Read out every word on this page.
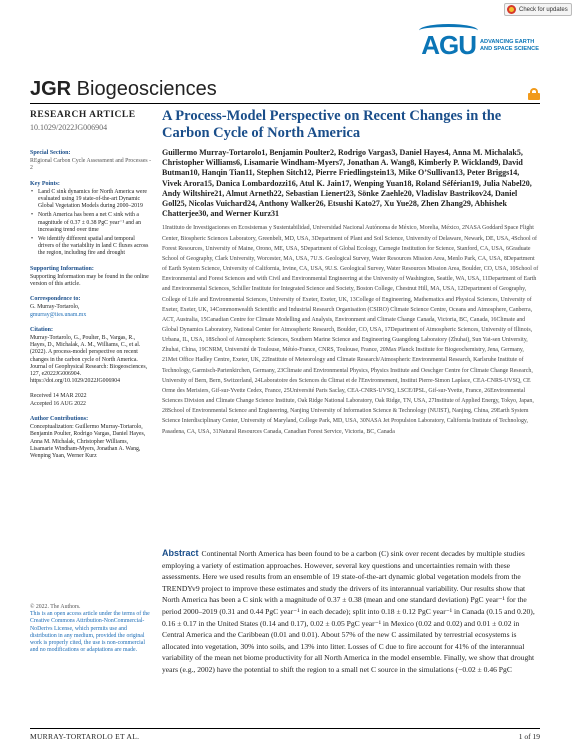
Check for updates
AGU ADVANCING EARTH AND SPACE SCIENCE
JGR Biogeosciences
RESEARCH ARTICLE
10.1029/2022JG006904
Special Section:
REgional Carbon Cycle Assessment and Processes - 2
Key Points:
• Land C sink dynamics for North America were evaluated using 19 state-of-the-art Dynamic Global Vegetation Models during 2000–2019
• North America has been a net C sink with a magnitude of 0.37 ± 0.38 PgC year⁻¹ and an increasing trend over time
• We identify different spatial and temporal drivers of the variability in land C fluxes across the region, including fire and drought
Supporting Information:
Supporting Information may be found in the online version of this article.
Correspondence to:
G. Murray-Tortarolo,
gmurray@iies.unam.mx
Citation:
Murray-Tortarolo, G., Poulter, B., Vargas, R., Hayes, D., Michalak, A. M., Williams, C., et al. (2022). A process-model perspective on recent changes in the carbon cycle of North America. Journal of Geophysical Research: Biogeosciences, 127, e2022JG006904. https://doi.org/10.1029/2022JG006904
Received 14 MAR 2022
Accepted 16 AUG 2022
Author Contributions:
Conceptualization: Guillermo Murray-Tortarolo, Benjamin Poulter, Rodrigo Vargas, Daniel Hayes, Anna M. Michalak, Christopher Williams, Lisamarie Windham-Myers, Jonathan A. Wang, Wenping Yuan, Werner Kurz
© 2022. The Authors.
This is an open access article under the terms of the Creative Commons Attribution-NonCommercial-NoDerivs License, which permits use and distribution in any medium, provided the original work is properly cited, the use is non-commercial and no modifications or adaptations are made.
A Process-Model Perspective on Recent Changes in the Carbon Cycle of North America
Guillermo Murray-Tortarolo1, Benjamin Poulter2, Rodrigo Vargas3, Daniel Hayes4, Anna M. Michalak5, Christopher Williams6, Lisamarie Windham-Myers7, Jonathan A. Wang8, Kimberly P. Wickland9, David Butman10, Hanqin Tian11, Stephen Sitch12, Pierre Friedlingstein13, Mike O’Sullivan13, Peter Briggs14, Vivek Arora15, Danica Lombardozzi16, Atul K. Jain17, Wenping Yuan18, Roland Séférian19, Julia Nabel20, Andy Wiltshire21, Almut Arneth22, Sebastian Lienert23, Sönke Zaehle20, Vladislav Bastrikov24, Daniel Goll25, Nicolas Vuichard24, Anthony Walker26, Etsushi Kato27, Xu Yue28, Zhen Zhang29, Abhishek Chatterjee30, and Werner Kurz31
1Instituto de Investigaciones en Ecosistemas y Sustentabilidad, Universidad Nacional Autónoma de México, Morelia, México, 2NASA Goddard Space Flight Center, Biospheric Sciences Laboratory, Greenbelt, MD, USA, 3Department of Plant and Soil Science, University of Delaware, Newark, DE, USA, 4School of Forest Resources, University of Maine, Orono, ME, USA, 5Department of Global Ecology, Carnegie Institution for Science, Stanford, CA, USA, 6Graduate School of Geography, Clark University, Worcester, MA, USA, 7U.S. Geological Survey, Water Resources Mission Area, Menlo Park, CA, USA, 8Department of Earth System Science, University of California, Irvine, CA, USA, 9U.S. Geological Survey, Water Resources Mission Area, Boulder, CO, USA, 10School of Environmental and Forest Sciences and with Civil and Environmental Engineering at the University of Washington, Seattle, WA, USA, 11Department of Earth and Environmental Sciences, Schiller Institute for Integrated Science and Society, Boston College, Chestnut Hill, MA, USA, 12Department of Geography, College of Life and Environmental Sciences, University of Exeter, Exeter, UK, 13College of Engineering, Mathematics and Physical Sciences, University of Exeter, Exeter, UK, 14Commonwealth Scientific and Industrial Research Organisation (CSIRO) Climate Science Centre, Oceans and Atmosphere, Canberra, ACT, Australia, 15Canadian Centre for Climate Modelling and Analysis, Environment and Climate Change Canada, Victoria, BC, Canada, 16Climate and Global Dynamics Laboratory, National Center for Atmospheric Research, Boulder, CO, USA, 17Department of Atmospheric Sciences, University of Illinois, Urbana, IL, USA, 18School of Atmospheric Sciences, Southern Marine Science and Engineering Guangdong Laboratory (Zhuhai), Sun Yat-sen University, Zhuhai, China, 19CNRM, Université de Toulouse, Météo-France, CNRS, Toulouse, France, 20Max Planck Institute for Biogeochemistry, Jena, Germany, 21Met Office Hadley Centre, Exeter, UK, 22Institute of Meteorology and Climate Research/Atmospheric Environmental Research, Karlsruhe Institute of Technology, Garmisch-Partenkirchen, Germany, 23Climate and Environmental Physics, Physics Institute and Oeschger Centre for Climate Change Research, University of Bern, Bern, Switzerland, 24Laboratoire des Sciences du Climat et de l'Environnement, Institut Pierre-Simon Laplace, CEA-CNRS-UVSQ, CE Orme des Merisiers, Gif-sur-Yvette Cedex, France, 25Université Paris Saclay, CEA-CNRS-UVSQ, LSCE/IPSL, Gif-sur-Yvette, France, 26Environmental Sciences Division and Climate Change Science Institute, Oak Ridge National Laboratory, Oak Ridge, TN, USA, 27Institute of Applied Energy, Tokyo, Japan, 28School of Environmental Science and Engineering, Nanjing University of Information Science & Technology (NUIST), Nanjing, China, 29Earth System Science Interdisciplinary Center, University of Maryland, College Park, MD, USA, 30NASA Jet Propulsion Laboratory, California Institute of Technology, Pasadena, CA, USA, 31Natural Resources Canada, Canadian Forest Service, Victoria, BC, Canada
Abstract Continental North America has been found to be a carbon (C) sink over recent decades by multiple studies employing a variety of estimation approaches. However, several key questions and uncertainties remain with these assessments. Here we used results from an ensemble of 19 state-of-the-art dynamic global vegetation models from the TRENDYv9 project to improve these estimates and study the drivers of its interannual variability. Our results show that North America has been a C sink with a magnitude of 0.37 ± 0.38 (mean and one standard deviation) PgC year⁻¹ for the period 2000–2019 (0.31 and 0.44 PgC year⁻¹ in each decade); split into 0.18 ± 0.12 PgC year⁻¹ in Canada (0.15 and 0.20), 0.16 ± 0.17 in the United States (0.14 and 0.17), 0.02 ± 0.05 PgC year⁻¹ in Mexico (0.02 and 0.02) and 0.01 ± 0.02 in Central America and the Caribbean (0.01 and 0.01). About 57% of the new C assimilated by terrestrial ecosystems is allocated into vegetation, 30% into soils, and 13% into litter. Losses of C due to fire account for 41% of the interannual variability of the mean net biome productivity for all North America in the model ensemble. Finally, we show that drought years (e.g., 2002) have the potential to shift the region to a small net C source in the simulations (−0.02 ± 0.46 PgC
MURRAY-TORTAROLO ET AL.	1 of 19
